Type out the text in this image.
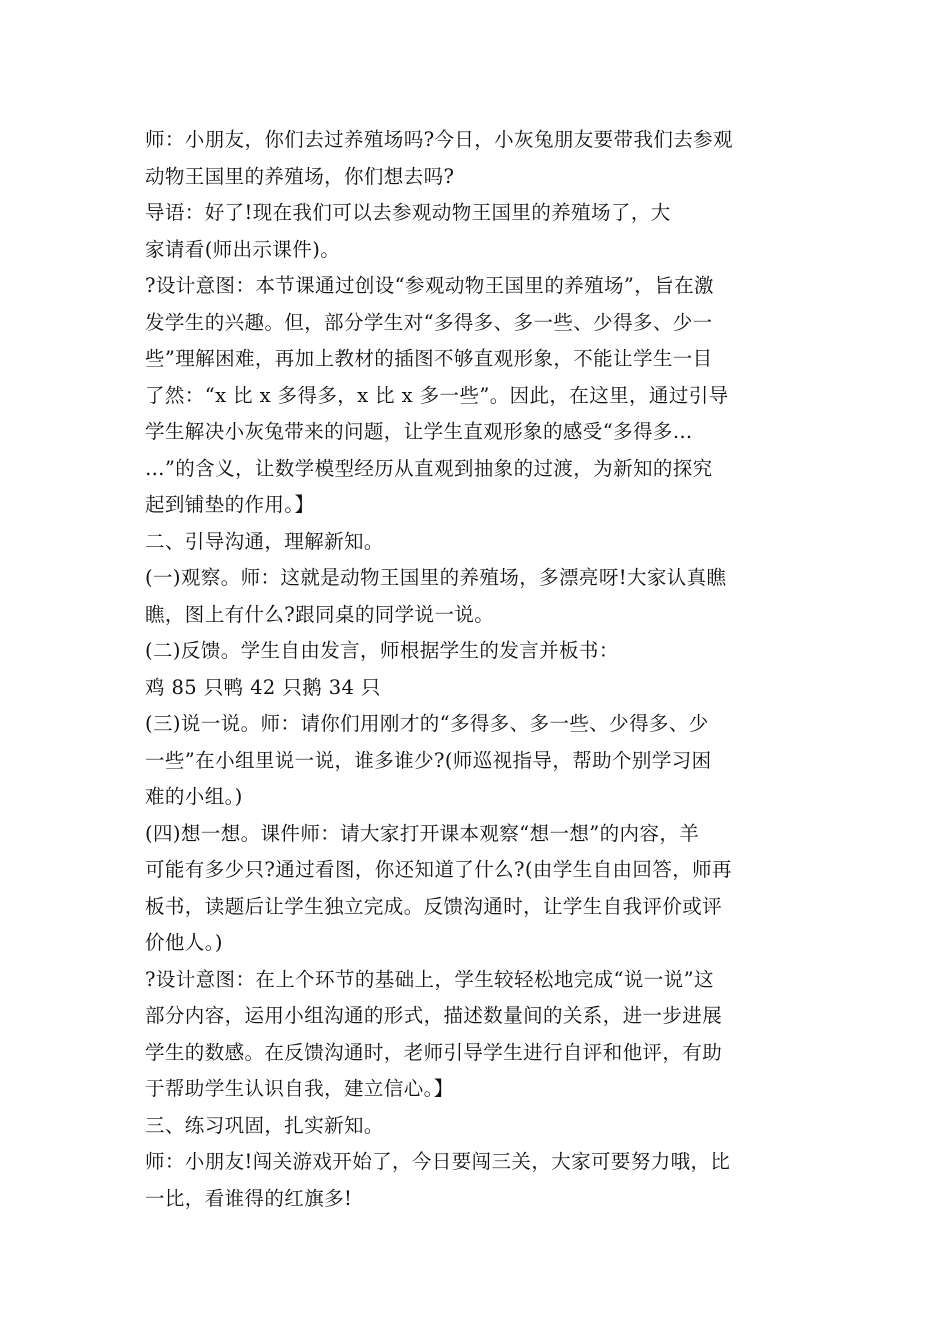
师：小朋友，你们去过养殖场吗?今日，小灰兔朋友要带我们去参观
动物王国里的养殖场，你们想去吗?
导语：好了!现在我们可以去参观动物王国里的养殖场了，大
家请看(师出示课件)。
?设计意图：本节课通过创设“参观动物王国里的养殖场”，旨在激
发学生的兴趣。但，部分学生对“多得多、多一些、少得多、少一
些”理解困难，再加上教材的插图不够直观形象，不能让学生一目
了然：“x 比 x 多得多，x 比 x 多一些”。因此，在这里，通过引导
学生解决小灰兔带来的问题，让学生直观形象的感受“多得多…
…”的含义，让数学模型经历从直观到抽象的过渡，为新知的探究
起到铺垫的作用。】
二、引导沟通，理解新知。
(一)观察。师：这就是动物王国里的养殖场，多漂亮呀!大家认真瞧
瞧，图上有什么?跟同桌的同学说一说。
(二)反馈。学生自由发言，师根据学生的发言并板书：
鸡 85 只鸭 42 只鹅 34 只
(三)说一说。师：请你们用刚才的“多得多、多一些、少得多、少
一些”在小组里说一说，谁多谁少?(师巡视指导，帮助个别学习困
难的小组。)
(四)想一想。课件师：请大家打开课本观察“想一想”的内容，羊
可能有多少只?通过看图，你还知道了什么?(由学生自由回答，师再
板书，读题后让学生独立完成。反馈沟通时，让学生自我评价或评
价他人。)
?设计意图：在上个环节的基础上，学生较轻松地完成“说一说”这
部分内容，运用小组沟通的形式，描述数量间的关系，进一步进展
学生的数感。在反馈沟通时，老师引导学生进行自评和他评，有助
于帮助学生认识自我，建立信心。】
三、练习巩固，扎实新知。
师：小朋友!闯关游戏开始了，今日要闯三关，大家可要努力哦，比
一比，看谁得的红旗多!
